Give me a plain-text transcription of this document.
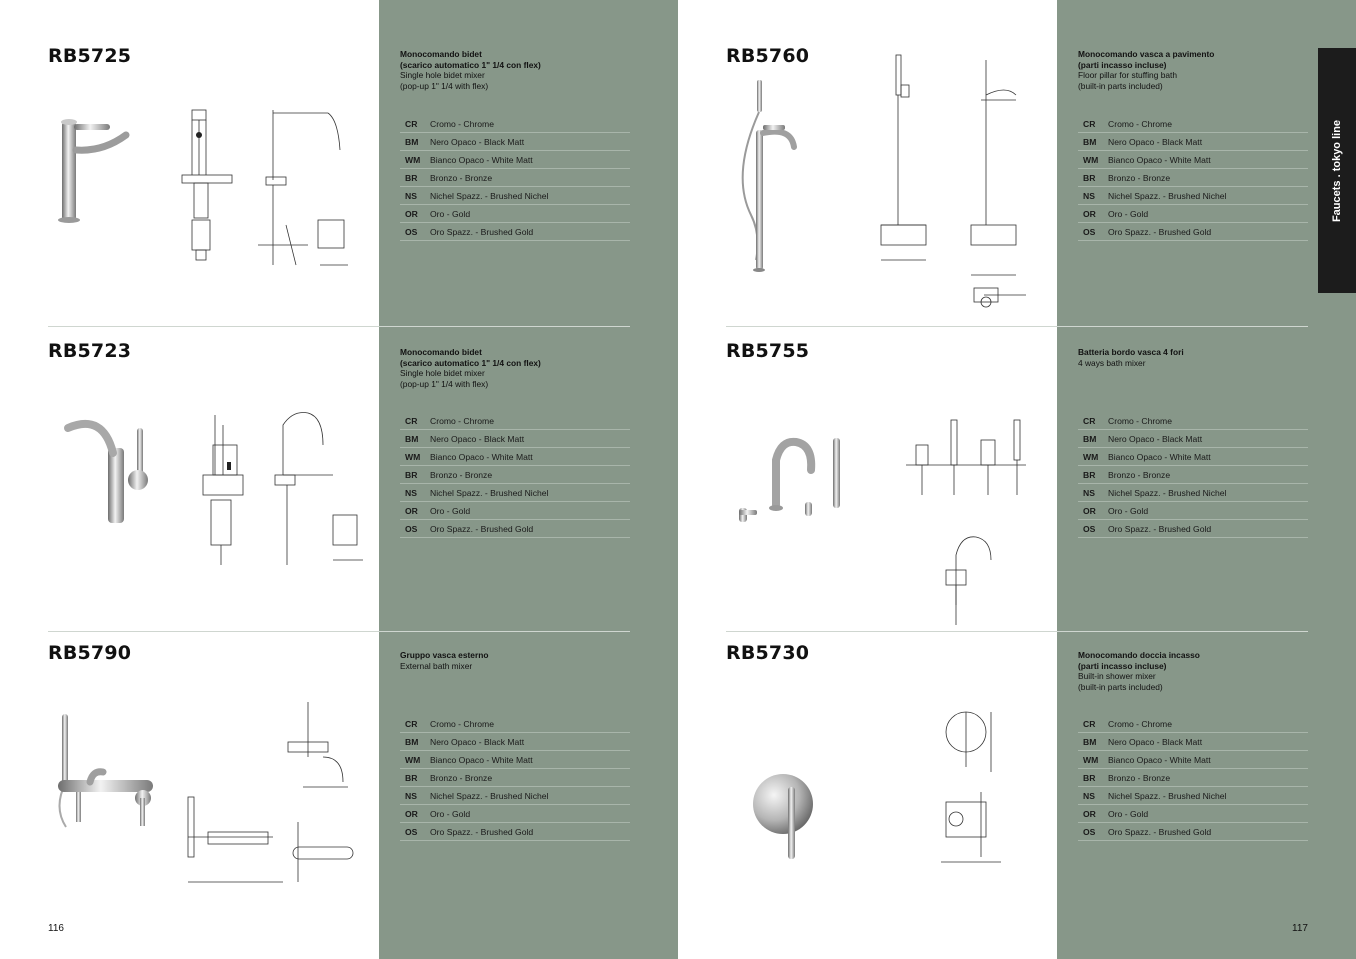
RB5725	Monocomando bidet
(scarico automatico 1" 1/4 con flex)
Single hole bidet mixer
(pop-up 1" 1/4 with flex)
CR	Cromo - Chrome
BM	Nero Opaco - Black Matt
WM	Bianco Opaco - White Matt
BR	Bronzo - Bronze
NS	Nichel Spazz. - Brushed Nichel
OR	Oro - Gold
OS	Oro Spazz. - Brushed Gold
RB5723	Monocomando bidet
(scarico automatico 1" 1/4 con flex)
Single hole bidet mixer
(pop-up 1" 1/4 with flex)
CR	Cromo - Chrome
BM	Nero Opaco - Black Matt
WM	Bianco Opaco - White Matt
BR	Bronzo - Bronze
NS	Nichel Spazz. - Brushed Nichel
OR	Oro - Gold
OS	Oro Spazz. - Brushed Gold
RB5790	Gruppo vasca esterno
External bath mixer
CR	Cromo - Chrome
BM	Nero Opaco - Black Matt
WM	Bianco Opaco - White Matt
BR	Bronzo - Bronze
NS	Nichel Spazz. - Brushed Nichel
OR	Oro - Gold
OS	Oro Spazz. - Brushed Gold
116
RB5760	Monocomando vasca a pavimento
(parti incasso incluse)
Floor pillar for stuffing bath
(built-in parts included)
CR	Cromo - Chrome
BM	Nero Opaco - Black Matt
WM	Bianco Opaco - White Matt
BR	Bronzo - Bronze
NS	Nichel Spazz. - Brushed Nichel
OR	Oro - Gold
OS	Oro Spazz. - Brushed Gold
RB5755	Batteria bordo vasca 4 fori
4 ways bath mixer
CR	Cromo - Chrome
BM	Nero Opaco - Black Matt
WM	Bianco Opaco - White Matt
BR	Bronzo - Bronze
NS	Nichel Spazz. - Brushed Nichel
OR	Oro - Gold
OS	Oro Spazz. - Brushed Gold
RB5730	Monocomando doccia incasso
(parti incasso incluse)
Built-in shower mixer
(built-in parts included)
CR	Cromo - Chrome
BM	Nero Opaco - Black Matt
WM	Bianco Opaco - White Matt
BR	Bronzo - Bronze
NS	Nichel Spazz. - Brushed Nichel
OR	Oro - Gold
OS	Oro Spazz. - Brushed Gold
117
Faucets . tokyo line
